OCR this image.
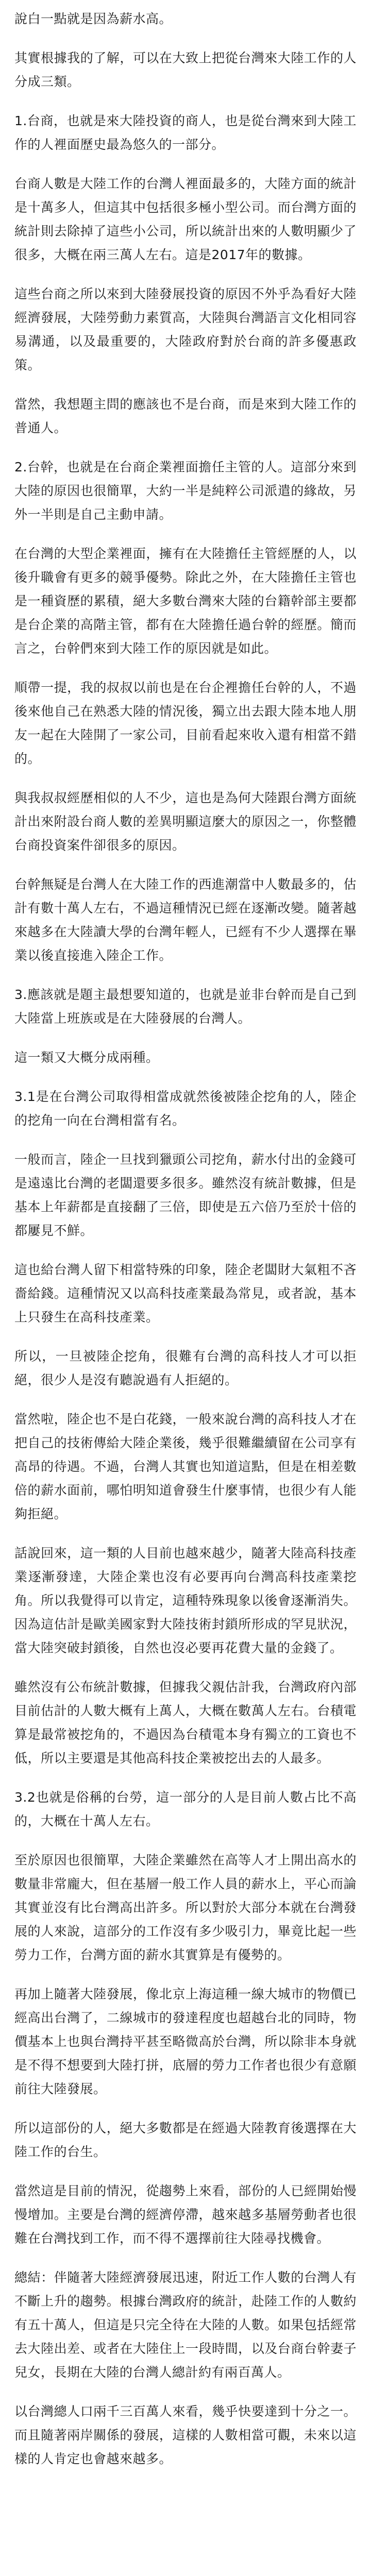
說白一點就是因為薪水高。

其實根據我的了解，可以在大致上把從台灣來大陸工作的人分成三類。

1.台商，也就是來大陸投資的商人，也是從台灣來到大陸工作的人裡面歷史最為悠久的一部分。

台商人數是大陸工作的台灣人裡面最多的，大陸方面的統計是十萬多人，但這其中包括很多極小型公司。而台灣方面的統計則去除掉了這些小公司，所以統計出來的人數明顯少了很多，大概在兩三萬人左右。這是2017年的數據。

這些台商之所以來到大陸發展投資的原因不外乎為看好大陸經濟發展，大陸勞動力素質高，大陸與台灣語言文化相同容易溝通，以及最重要的，大陸政府對於台商的許多優惠政策。

當然，我想題主問的應該也不是台商，而是來到大陸工作的普通人。

2.台幹，也就是在台商企業裡面擔任主管的人。這部分來到大陸的原因也很簡單，大約一半是純粹公司派遣的緣故，另外一半則是自己主動申請。

在台灣的大型企業裡面，擁有在大陸擔任主管經歷的人，以後升職會有更多的競爭優勢。除此之外，在大陸擔任主管也是一種資歷的累積，絕大多數台灣來大陸的台籍幹部主要都是台企業的高階主管，都有在大陸擔任過台幹的經歷。簡而言之，台幹們來到大陸工作的原因就是如此。

順帶一提，我的叔叔以前也是在台企裡擔任台幹的人，不過後來他自己在熟悉大陸的情況後，獨立出去跟大陸本地人朋友一起在大陸開了一家公司，目前看起來收入還有相當不錯的。

與我叔叔經歷相似的人不少，這也是為何大陸跟台灣方面統計出來附設台商人數的差異明顯這麼大的原因之一，你整體台商投資案件卻很多的原因。

台幹無疑是台灣人在大陸工作的西進潮當中人數最多的，估計有數十萬人左右，不過這種情況已經在逐漸改變。隨著越來越多在大陸讀大學的台灣年輕人，已經有不少人選擇在畢業以後直接進入陸企工作。

3.應該就是題主最想要知道的，也就是並非台幹而是自己到大陸當上班族或是在大陸發展的台灣人。

這一類又大概分成兩種。

3.1是在台灣公司取得相當成就然後被陸企挖角的人，陸企的挖角一向在台灣相當有名。

一般而言，陸企一旦找到獵頭公司挖角，薪水付出的金錢可是遠遠比台灣的老闆還要多很多。雖然沒有統計數據，但是基本上年薪都是直接翻了三倍，即使是五六倍乃至於十倍的都屢見不鮮。

這也給台灣人留下相當特殊的印象，陸企老闆財大氣粗不吝嗇給錢。這種情況又以高科技產業最為常見，或者說，基本上只發生在高科技產業。

所以，一旦被陸企挖角，很難有台灣的高科技人才可以拒絕，很少人是沒有聽說過有人拒絕的。

當然啦，陸企也不是白花錢，一般來說台灣的高科技人才在把自己的技術傳給大陸企業後，幾乎很難繼續留在公司享有高昂的待遇。不過，台灣人其實也知道這點，但是在相差數倍的薪水面前，哪怕明知道會發生什麼事情，也很少有人能夠拒絕。

話說回來，這一類的人目前也越來越少，隨著大陸高科技產業逐漸發達，大陸企業也沒有必要再向台灣高科技產業挖角。所以我覺得可以肯定，這種特殊現象以後會逐漸消失。因為這估計是歐美國家對大陸技術封鎖所形成的罕見狀況，當大陸突破封鎖後，自然也沒必要再花費大量的金錢了。

雖然沒有公布統計數據，但據我父親估計我，台灣政府內部目前估計的人數大概有上萬人，大概在數萬人左右。台積電算是最常被挖角的，不過因為台積電本身有獨立的工資也不低，所以主要還是其他高科技企業被挖出去的人最多。

3.2也就是俗稱的台勞，這一部分的人是目前人數占比不高的，大概在十萬人左右。

至於原因也很簡單，大陸企業雖然在高等人才上開出高水的數量非常龐大，但在基層一般工作人員的薪水上，平心而論其實並沒有比台灣高出許多。所以對於大部分本就在台灣發展的人來說，這部分的工作沒有多少吸引力，畢竟比起一些勞力工作，台灣方面的薪水其實算是有優勢的。

再加上隨著大陸發展，像北京上海這種一線大城市的物價已經高出台灣了，二線城市的發達程度也超越台北的同時，物價基本上也與台灣持平甚至略微高於台灣，所以除非本身就是不得不想要到大陸打拼，底層的勞力工作者也很少有意願前往大陸發展。

所以這部份的人，絕大多數都是在經過大陸教育後選擇在大陸工作的台生。

當然這是目前的情況，從趨勢上來看，部份的人已經開始慢慢增加。主要是台灣的經濟停滯，越來越多基層勞動者也很難在台灣找到工作，而不得不選擇前往大陸尋找機會。

總結：伴隨著大陸經濟發展迅速，附近工作人數的台灣人有不斷上升的趨勢。根據台灣政府的統計，赴陸工作的人數約有五十萬人，但這是只完全待在大陸的人數。如果包括經常去大陸出差、或者在大陸住上一段時間，以及台商台幹妻子兒女，長期在大陸的台灣人總計約有兩百萬人。

以台灣總人口兩千三百萬人來看，幾乎快要達到十分之一。而且隨著兩岸關係的發展，這樣的人數相當可觀，未來以這樣的人肯定也會越來越多。
